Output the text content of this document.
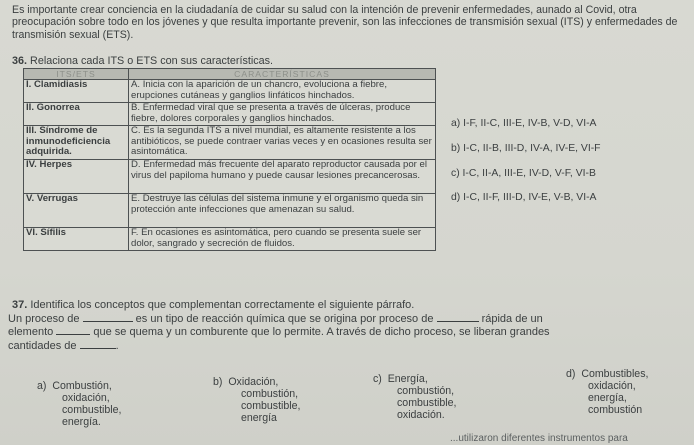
Es importante crear conciencia en la ciudadanía de cuidar su salud con la intención de prevenir enfermedades, aunado al Covid, otra preocupación sobre todo en los jóvenes y que resulta importante prevenir, son las infecciones de transmisión sexual (ITS) y enfermedades de transmisión sexual (ETS).
36. Relaciona cada ITS o ETS con sus características.
ITS/ETS	CARACTERÍSTICAS
I. Clamidiasis	A. Inicia con la aparición de un chancro, evoluciona a fiebre, erupciones cutáneas y ganglios linfáticos hinchados.
II. Gonorrea	B. Enfermedad viral que se presenta a través de úlceras, produce fiebre, dolores corporales y ganglios hinchados.
III. Síndrome de inmunodeficiencia adquirida.	C. Es la segunda ITS a nivel mundial, es altamente resistente a los antibióticos, se puede contraer varias veces y en ocasiones resulta ser asintomática.
IV. Herpes	D. Enfermedad más frecuente del aparato reproductor causada por el virus del papiloma humano y puede causar lesiones precancerosas.
V. Verrugas	E. Destruye las células del sistema inmune y el organismo queda sin protección ante infecciones que amenazan su salud.
VI. Sífilis	F. En ocasiones es asintomática, pero cuando se presenta suele ser dolor, sangrado y secreción de fluidos.
a) I-F, II-C, III-E, IV-B, V-D, VI-A
b) I-C, II-B, III-D, IV-A, IV-E, VI-F
c) I-C, II-A, III-E, IV-D, V-F, VI-B
d) I-C, II-F, III-D, IV-E, V-B, VI-A
37. Identifica los conceptos que complementan correctamente el siguiente párrafo.
Un proceso de	es un tipo de reacción química que se origina por proceso de	rápida de un
elemento	que se quema y un comburente que lo permite. A través de dicho proceso, se liberan grandes
cantidades de	.
a) Combustión,
oxidación,
combustible,
energía.
b) Oxidación,
combustión,
combustible,
energía
c) Energía,
combustión,
combustible,
oxidación.
d) Combustibles,
oxidación,
energía,
combustión
...utilizaron diferentes instrumentos para
